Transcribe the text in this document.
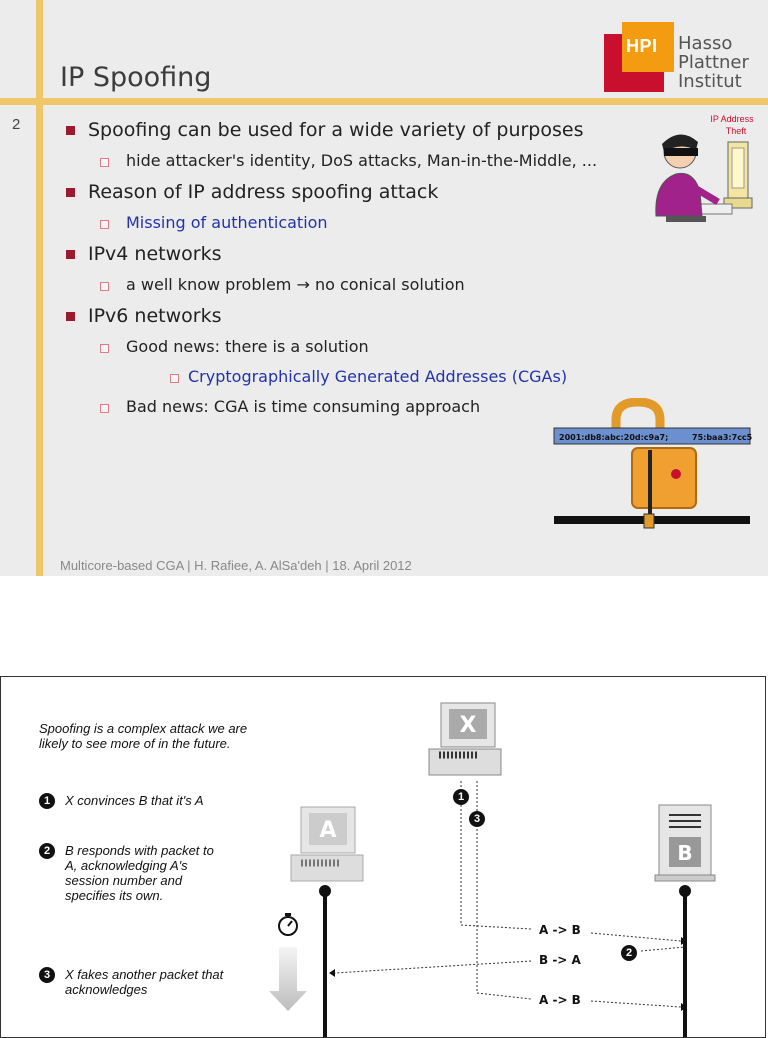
IP Spoofing
2
HPI Hasso
Plattner
Institut
Spoofing can be used for a wide variety of purposes
hide attacker's identity, DoS attacks, Man-in-the-Middle, ...
Reason of IP address spoofing attack
Missing of authentication
IPv4 networks
a well know problem → no conical solution
IPv6 networks
Good news: there is a solution
Cryptographically Generated Addresses (CGAs)
Bad news: CGA is time consuming approach
IP Address
Theft
2001:db8:abc:20d:c9a7;	75:baa3:7cc5
Multicore-based CGA | H. Rafiee, A. AlSa'deh | 18. April 2012
Spoofing is a complex attack we are likely to see more of in the future.
1	X convinces B that it's A
2	B responds with packet to A, acknowledging A's session number and specifies its own.
3	X fakes another packet that acknowledges
X
A
B
A -> B
B -> A
A -> B
1
3
2
